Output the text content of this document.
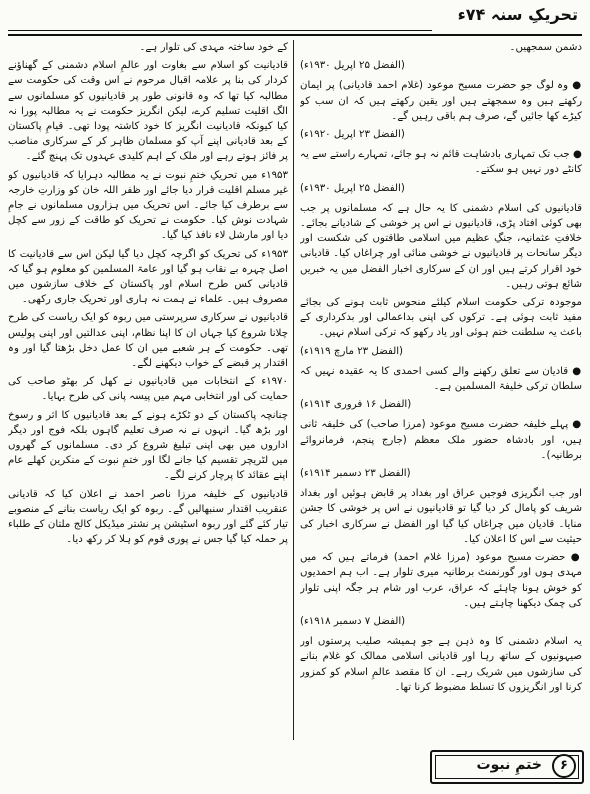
تحریکِ سنہ ۷۴ء

دشمن سمجھیں۔

(الفضل ۲۵ اپریل ۱۹۳۰ء)

● وہ لوگ جو حضرت مسیح موعود (غلام احمد قادیانی) پر ایمان رکھتے ہیں وہ سمجھتے ہیں اور یقین رکھتے ہیں کہ ان سب کو کیڑے کھا جائیں گے، صرف ہم باقی رہیں گے۔

(الفضل ۲۳ اپریل ۱۹۲۰ء)

● جب تک تمہاری بادشاہت قائم نہ ہو جائے، تمہارے راستے سے یہ کانٹے دور نہیں ہو سکتے۔

(الفضل ۲۵ اپریل ۱۹۳۰ء)

قادیانیوں کی اسلام دشمنی کا یہ حال ہے کہ مسلمانوں پر جب بھی کوئی افتاد پڑی، قادیانیوں نے اس پر خوشی کے شادیانے بجائے۔ خلافتِ عثمانیہ، جنگِ عظیم میں اسلامی طاقتوں کی شکست اور دیگر سانحات پر قادیانیوں نے خوشی منائی اور چراغاں کیا۔ قادیانی خود اقرار کرتے ہیں اور ان کے سرکاری اخبار الفضل میں یہ خبریں شائع ہوتی رہیں۔

موجودہ ترکی حکومت اسلام کیلئے منحوس ثابت ہونے کی بجائے مفید ثابت ہوئی ہے۔ ترکوں کی اپنی بداعمالی اور بدکرداری کے باعث یہ سلطنت ختم ہوئی اور یاد رکھو کہ ترکی اسلام نہیں۔

(الفضل ۲۳ مارچ ۱۹۱۹ء)

● قادیان سے تعلق رکھنے والے کسی احمدی کا یہ عقیدہ نہیں کہ سلطان ترکی خلیفۃ المسلمین ہے۔

(الفضل ۱۶ فروری ۱۹۱۴ء)

● پہلے خلیفہ حضرت مسیح موعود (مرزا صاحب) کی خلیفہ ثانی ہیں، اور بادشاہ حضور ملک معظم (جارج پنجم، فرمانروائے برطانیہ)۔

(الفضل ۲۳ دسمبر ۱۹۱۴ء)

اور جب انگریزی فوجیں عراق اور بغداد پر قابض ہوئیں اور بغداد شریف کو پامال کر دیا گیا تو قادیانیوں نے اس پر خوشی کا جشن منایا۔ قادیان میں چراغاں کیا گیا اور الفضل نے سرکاری اخبار کی حیثیت سے اس کا اعلان کیا۔

● حضرت مسیح موعود (مرزا غلام احمد) فرماتے ہیں کہ میں مہدی ہوں اور گورنمنٹ برطانیہ میری تلوار ہے۔ اب ہم احمدیوں کو خوش ہونا چاہئے کہ عراق، عرب اور شام ہر جگہ اپنی تلوار کی چمک دیکھنا چاہتے ہیں۔

(الفضل ۷ دسمبر ۱۹۱۸ء)

یہ اسلام دشمنی کا وہ ذہن ہے جو ہمیشہ صلیب پرستوں اور صیہونیوں کے ساتھ رہا اور قادیانی اسلامی ممالک کو غلام بنانے کی سازشوں میں شریک رہے۔ ان کا مقصد عالمِ اسلام کو کمزور کرنا اور انگریزوں کا تسلط مضبوط کرنا تھا۔

کے خود ساختہ مہدی کی تلوار ہے۔

قادیانیت کو اسلام سے بغاوت اور عالمِ اسلام دشمنی کے گھناؤنے کردار کی بنا پر علامہ اقبال مرحوم نے اس وقت کی حکومت سے مطالبہ کیا تھا کہ وہ قانونی طور پر قادیانیوں کو مسلمانوں سے الگ اقلیت تسلیم کرے، لیکن انگریز حکومت نے یہ مطالبہ پورا نہ کیا کیونکہ قادیانیت انگریز کا خود کاشتہ پودا تھی۔ قیامِ پاکستان کے بعد قادیانی اپنے آپ کو مسلمان ظاہر کر کے سرکاری مناصب پر فائز ہوتے رہے اور ملک کے اہم کلیدی عہدوں تک پہنچ گئے۔

۱۹۵۳ء میں تحریکِ ختمِ نبوت نے یہ مطالبہ دہرایا کہ قادیانیوں کو غیر مسلم اقلیت قرار دیا جائے اور ظفر اللہ خان کو وزارتِ خارجہ سے برطرف کیا جائے۔ اس تحریک میں ہزاروں مسلمانوں نے جامِ شہادت نوش کیا۔ حکومت نے تحریک کو طاقت کے زور سے کچل دیا اور مارشل لاء نافذ کیا گیا۔

۱۹۵۳ء کی تحریک کو اگرچہ کچل دیا گیا لیکن اس سے قادیانیت کا اصل چہرہ بے نقاب ہو گیا اور عامۃ المسلمین کو معلوم ہو گیا کہ قادیانی کس طرح اسلام اور پاکستان کے خلاف سازشوں میں مصروف ہیں۔ علماء نے ہمت نہ ہاری اور تحریک جاری رکھی۔

قادیانیوں نے سرکاری سرپرستی میں ربوہ کو ایک ریاست کی طرح چلانا شروع کیا جہاں ان کا اپنا نظام، اپنی عدالتیں اور اپنی پولیس تھی۔ حکومت کے ہر شعبے میں ان کا عمل دخل بڑھتا گیا اور وہ اقتدار پر قبضے کے خواب دیکھنے لگے۔

۱۹۷۰ء کے انتخابات میں قادیانیوں نے کھل کر بھٹو صاحب کی حمایت کی اور انتخابی مہم میں پیسہ پانی کی طرح بہایا۔

چنانچہ پاکستان کے دو ٹکڑے ہونے کے بعد قادیانیوں کا اثر و رسوخ اور بڑھ گیا۔ انہوں نے نہ صرف تعلیم گاہوں بلکہ فوج اور دیگر اداروں میں بھی اپنی تبلیغ شروع کر دی۔ مسلمانوں کے گھروں میں لٹریچر تقسیم کیا جانے لگا اور ختمِ نبوت کے منکرین کھلے عام اپنے عقائد کا پرچار کرنے لگے۔

قادیانیوں کے خلیفہ مرزا ناصر احمد نے اعلان کیا کہ قادیانی عنقریب اقتدار سنبھالیں گے۔ ربوہ کو ایک ریاست بنانے کے منصوبے تیار کئے گئے اور ربوہ اسٹیشن پر نشتر میڈیکل کالج ملتان کے طلباء پر حملہ کیا گیا جس نے پوری قوم کو ہلا کر رکھ دیا۔

ختمِ نبوت	۶
